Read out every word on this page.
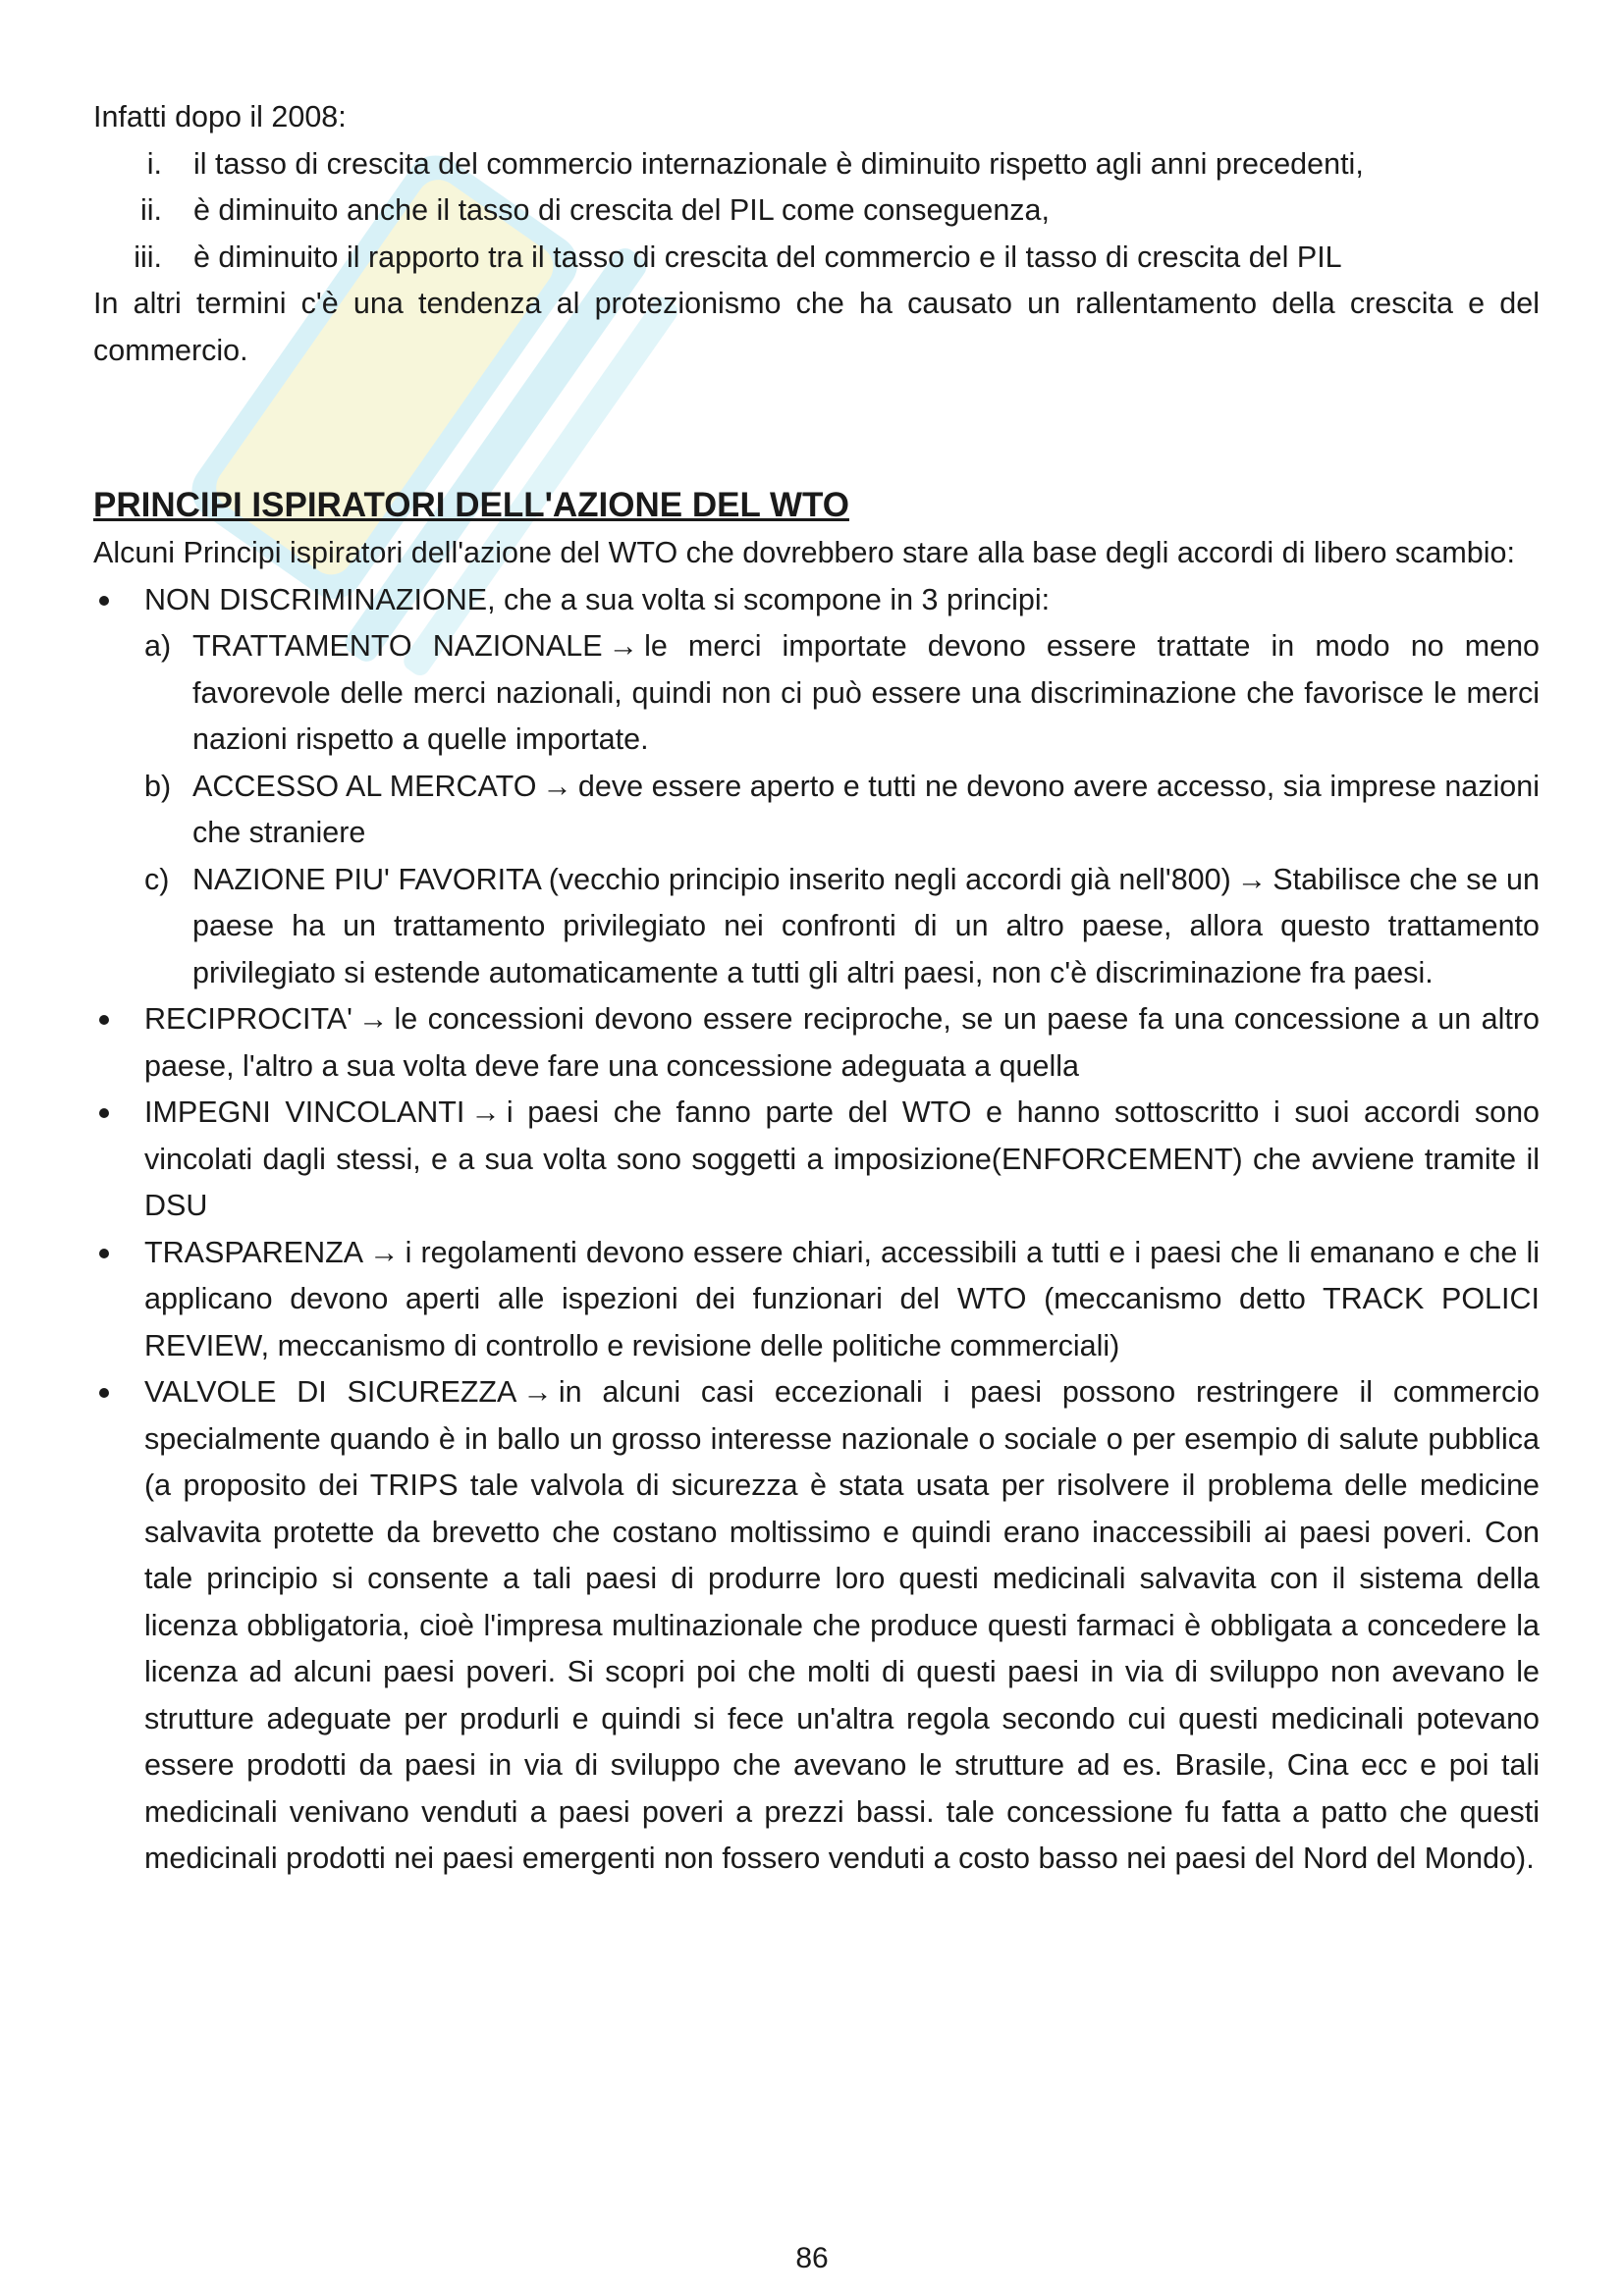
Infatti dopo il 2008:

i.	il tasso di crescita del commercio internazionale è diminuito rispetto agli anni precedenti,
ii.	è diminuito anche il tasso di crescita del PIL come conseguenza,
iii.	è diminuito il rapporto tra il tasso di crescita del commercio e il tasso di crescita del PIL

In altri termini c'è una tendenza al protezionismo che ha causato un rallentamento della crescita e del commercio.

PRINCIPI ISPIRATORI DELL'AZIONE DEL WTO

Alcuni Principi ispiratori dell'azione del WTO che dovrebbero stare alla base degli accordi di libero scambio:

NON DISCRIMINAZIONE, che a sua volta si scompone in 3 principi:
a) TRATTAMENTO NAZIONALE → le merci importate devono essere trattate in modo no meno favorevole delle merci nazionali, quindi non ci può essere una discriminazione che favorisce le merci nazioni rispetto a quelle importate.
b) ACCESSO AL MERCATO → deve essere aperto e tutti ne devono avere accesso, sia imprese nazioni che straniere
c) NAZIONE PIU' FAVORITA (vecchio principio inserito negli accordi già nell'800) → Stabilisce che se un paese ha un trattamento privilegiato nei confronti di un altro paese, allora questo trattamento privilegiato si estende automaticamente a tutti gli altri paesi, non c'è discriminazione fra paesi.
RECIPROCITA' → le concessioni devono essere reciproche, se un paese fa una concessione a un altro paese, l'altro a sua volta deve fare una concessione adeguata a quella
IMPEGNI VINCOLANTI → i paesi che fanno parte del WTO e hanno sottoscritto i suoi accordi sono vincolati dagli stessi, e a sua volta sono soggetti a imposizione(ENFORCEMENT) che avviene tramite il DSU
TRASPARENZA → i regolamenti devono essere chiari, accessibili a tutti e i paesi che li emanano e che li applicano devono aperti alle ispezioni dei funzionari del WTO (meccanismo detto TRACK POLICI REVIEW, meccanismo di controllo e revisione delle politiche commerciali)
VALVOLE DI SICUREZZA → in alcuni casi eccezionali i paesi possono restringere il commercio specialmente quando è in ballo un grosso interesse nazionale o sociale o per esempio di salute pubblica (a proposito dei TRIPS tale valvola di sicurezza è stata usata per risolvere il problema delle medicine salvavita protette da brevetto che costano moltissimo e quindi erano inaccessibili ai paesi poveri. Con tale principio si consente a tali paesi di produrre loro questi medicinali salvavita con il sistema della licenza obbligatoria, cioè l'impresa multinazionale che produce questi farmaci è obbligata a concedere la licenza ad alcuni paesi poveri. Si scopri poi che molti di questi paesi in via di sviluppo non avevano le strutture adeguate per produrli e quindi si fece un'altra regola secondo cui questi medicinali potevano essere prodotti da paesi in via di sviluppo che avevano le strutture ad es. Brasile, Cina ecc e poi tali medicinali venivano venduti a paesi poveri a prezzi bassi. tale concessione fu fatta a patto che questi medicinali prodotti nei paesi emergenti non fossero venduti a costo basso nei paesi del Nord del Mondo).
86
